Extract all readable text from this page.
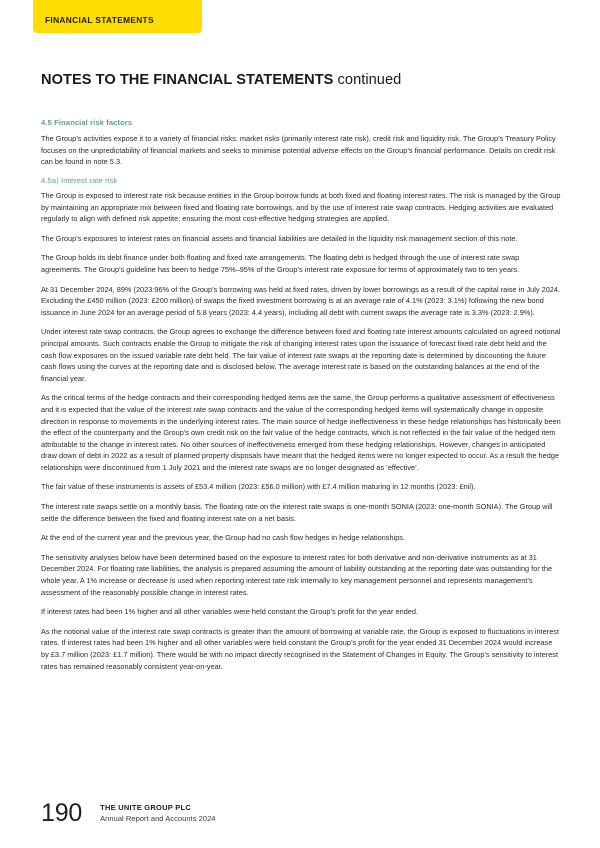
FINANCIAL STATEMENTS
NOTES TO THE FINANCIAL STATEMENTS continued
4.5 Financial risk factors

The Group’s activities expose it to a variety of financial risks: market risks (primarily interest rate risk), credit risk and liquidity risk. The Group’s Treasury Policy focuses on the unpredictability of financial markets and seeks to minimise potential adverse effects on the Group’s financial performance. Details on credit risk can be found in note 5.3.

4.5a) Interest rate risk

The Group is exposed to interest rate risk because entities in the Group borrow funds at both fixed and floating interest rates. The risk is managed by the Group by maintaining an appropriate mix between fixed and floating rate borrowings, and by the use of interest rate swap contracts. Hedging activities are evaluated regularly to align with defined risk appetite; ensuring the most cost-effective hedging strategies are applied.

The Group’s exposures to interest rates on financial assets and financial liabilities are detailed in the liquidity risk management section of this note.

The Group holds its debt finance under both floating and fixed rate arrangements. The floating debt is hedged through the use of interest rate swap agreements. The Group’s guideline has been to hedge 75%–95% of the Group’s interest rate exposure for terms of approximately two to ten years.

At 31 December 2024, 89% (2023:96% of the Group’s borrowing was held at fixed rates, driven by lower borrowings as a result of the capital raise in July 2024. Excluding the £450 million (2023: £200 million) of swaps the fixed investment borrowing is at an average rate of 4.1% (2023: 3.1%) following the new bond issuance in June 2024 for an average period of 5.8 years (2023: 4.4 years), including all debt with current swaps the average rate is 3.3% (2023: 2.9%).

Under interest rate swap contracts, the Group agrees to exchange the difference between fixed and floating rate interest amounts calculated on agreed notional principal amounts. Such contracts enable the Group to mitigate the risk of changing interest rates upon the issuance of forecast fixed rate debt held and the cash flow exposures on the issued variable rate debt held. The fair value of interest rate swaps at the reporting date is determined by discounting the future cash flows using the curves at the reporting date and is disclosed below. The average interest rate is based on the outstanding balances at the end of the financial year.

As the critical terms of the hedge contracts and their corresponding hedged items are the same, the Group performs a qualitative assessment of effectiveness and it is expected that the value of the interest rate swap contracts and the value of the corresponding hedged items will systematically change in opposite direction in response to movements in the underlying interest rates. The main source of hedge ineffectiveness in these hedge relationships has historically been the effect of the counterparty and the Group’s own credit risk on the fair value of the hedge contracts, which is not reflected in the fair value of the hedged item attributable to the change in interest rates. No other sources of ineffectiveness emerged from these hedging relationships. However, changes in anticipated draw down of debt in 2022 as a result of planned property disposals have meant that the hedged items were no longer expected to occur. As a result the hedge relationships were discontinued from 1 July 2021 and the interest rate swaps are no longer designated as ‘effective’.

The fair value of these instruments is assets of £53.4 million (2023: £56.0 million) with £7.4 million maturing in 12 months (2023: £nil).

The interest rate swaps settle on a monthly basis. The floating rate on the interest rate swaps is one-month SONIA (2023: one-month SONIA). The Group will settle the difference between the fixed and floating interest rate on a net basis.

At the end of the current year and the previous year, the Group had no cash flow hedges in hedge relationships.

The sensitivity analyses below have been determined based on the exposure to interest rates for both derivative and non-derivative instruments as at 31 December 2024. For floating rate liabilities, the analysis is prepared assuming the amount of liability outstanding at the reporting date was outstanding for the whole year. A 1% increase or decrease is used when reporting interest rate risk internally to key management personnel and represents management’s assessment of the reasonably possible change in interest rates.

If interest rates had been 1% higher and all other variables were held constant the Group’s profit for the year ended.

As the notional value of the interest rate swap contracts is greater than the amount of borrowing at variable rate, the Group is exposed to fluctuations in interest rates. If interest rates had been 1% higher and all other variables were held constant the Group’s profit for the year ended 31 December 2024 would increase by £3.7 million (2023: £1.7 million). There would be with no impact directly recognised in the Statement of Changes in Equity. The Group’s sensitivity to interest rates has remained reasonably consistent year-on-year.

190 THE UNITE GROUP PLC
Annual Report and Accounts 2024
